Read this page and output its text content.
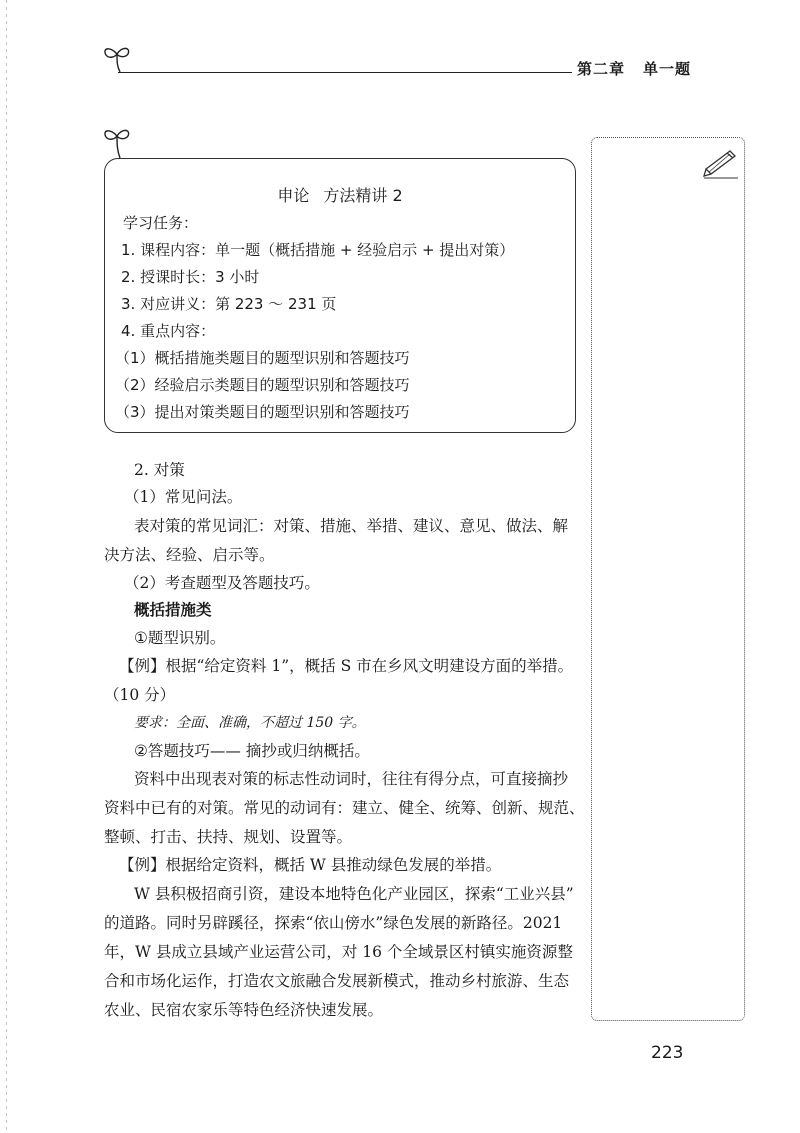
第二章 单一题
申论 方法精讲 2
学习任务：
1. 课程内容：单一题（概括措施 + 经验启示 + 提出对策）
2. 授课时长：3 小时
3. 对应讲义：第 223 ～ 231 页
4. 重点内容：
（1）概括措施类题目的题型识别和答题技巧
（2）经验启示类题目的题型识别和答题技巧
（3）提出对策类题目的题型识别和答题技巧
2. 对策
（1）常见问法。
表对策的常见词汇：对策、措施、举措、建议、意见、做法、解
决方法、经验、启示等。
（2）考查题型及答题技巧。
概括措施类
①题型识别。
【例】根据“给定资料 1”，概括 S 市在乡风文明建设方面的举措。
（10 分）
要求：全面、准确，不超过 150 字。
②答题技巧—— 摘抄或归纳概括。
资料中出现表对策的标志性动词时，往往有得分点，可直接摘抄
资料中已有的对策。常见的动词有：建立、健全、统筹、创新、规范、
整顿、打击、扶持、规划、设置等。
【例】根据给定资料，概括 W 县推动绿色发展的举措。
W 县积极招商引资，建设本地特色化产业园区，探索“工业兴县”
的道路。同时另辟蹊径，探索“依山傍水”绿色发展的新路径。2021
年，W 县成立县域产业运营公司，对 16 个全域景区村镇实施资源整
合和市场化运作，打造农文旅融合发展新模式，推动乡村旅游、生态
农业、民宿农家乐等特色经济快速发展。
223
